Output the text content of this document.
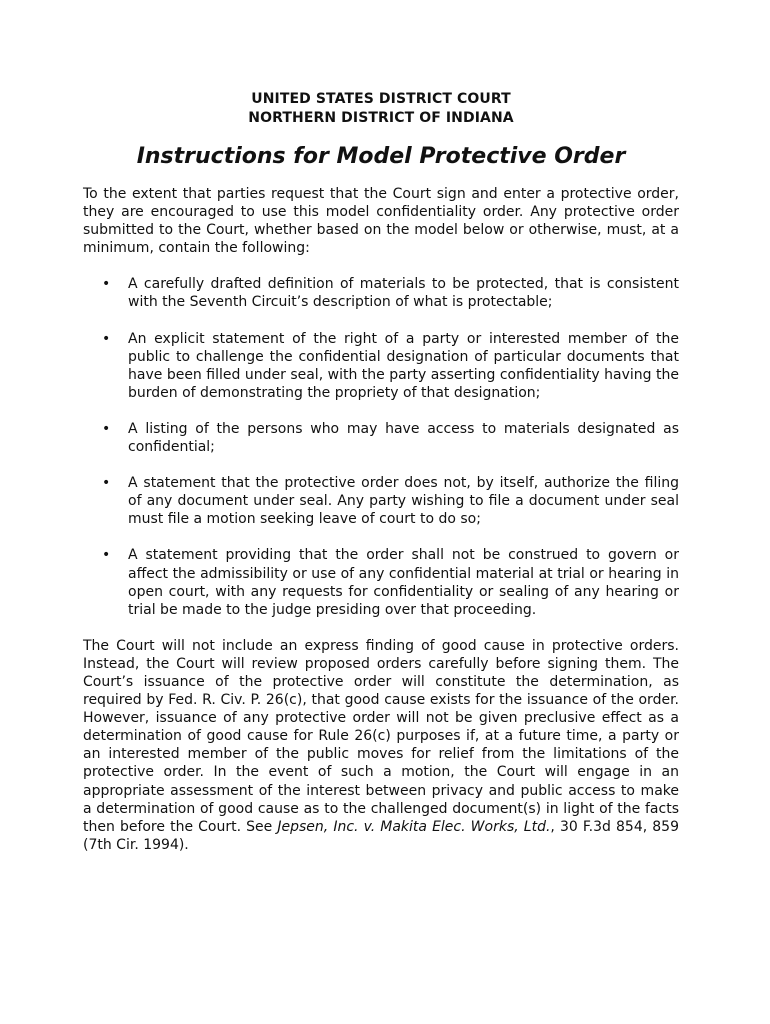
UNITED STATES DISTRICT COURT
NORTHERN DISTRICT OF INDIANA
Instructions for Model Protective Order

To the extent that parties request that the Court sign and enter a protective order, they are encouraged to use this model confidentiality order. Any protective order submitted to the Court, whether based on the model below or otherwise, must, at a minimum, contain the following:

• A carefully drafted definition of materials to be protected, that is consistent with the Seventh Circuit’s description of what is protectable;
• An explicit statement of the right of a party or interested member of the public to challenge the confidential designation of particular documents that have been filled under seal, with the party asserting confidentiality having the burden of demonstrating the propriety of that designation;
• A listing of the persons who may have access to materials designated as confidential;
• A statement that the protective order does not, by itself, authorize the filing of any document under seal. Any party wishing to file a document under seal must file a motion seeking leave of court to do so;
• A statement providing that the order shall not be construed to govern or affect the admissibility or use of any confidential material at trial or hearing in open court, with any requests for confidentiality or sealing of any hearing or trial be made to the judge presiding over that proceeding.

The Court will not include an express finding of good cause in protective orders. Instead, the Court will review proposed orders carefully before signing them. The Court’s issuance of the protective order will constitute the determination, as required by Fed. R. Civ. P. 26(c), that good cause exists for the issuance of the order. However, issuance of any protective order will not be given preclusive effect as a determination of good cause for Rule 26(c) purposes if, at a future time, a party or an interested member of the public moves for relief from the limitations of the protective order. In the event of such a motion, the Court will engage in an appropriate assessment of the interest between privacy and public access to make a determination of good cause as to the challenged document(s) in light of the facts then before the Court. See Jepsen, Inc. v. Makita Elec. Works, Ltd., 30 F.3d 854, 859 (7th Cir. 1994).
